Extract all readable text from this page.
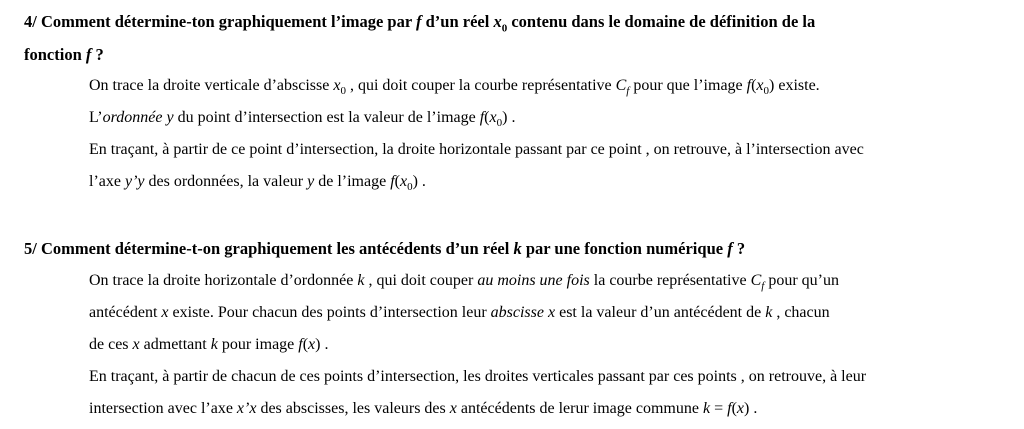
4/ Comment détermine-ton graphiquement l’image par f d’un réel $x_0$ contenu dans le domaine de définition de la
fonction f ?

On trace la droite verticale d’abscisse $x_0$ , qui doit couper la courbe représentative $C_f$ pour que l’image $f(x_0)$ existe.

L’ordonnée y du point d’intersection est la valeur de l’image $f(x_0)$ .

En traçant, à partir de ce point d’intersection, la droite horizontale passant par ce point , on retrouve, à l’intersection avec

l’axe y’y des ordonnées, la valeur y de l’image $f(x_0)$ .

5/ Comment détermine-t-on graphiquement les antécédents d’un réel k par une fonction numérique f ?

On trace la droite horizontale d’ordonnée k , qui doit couper au moins une fois la courbe représentative $C_f$ pour qu’un

antécédent x existe. Pour chacun des points d’intersection leur abscisse x est la valeur d’un antécédent de k , chacun

de ces x admettant k pour image f(x) .

En traçant, à partir de chacun de ces points d’intersection, les droites verticales passant par ces points , on retrouve, à leur

intersection avec l’axe x’x des abscisses, les valeurs des x antécédents de lerur image commune k = f(x) .
